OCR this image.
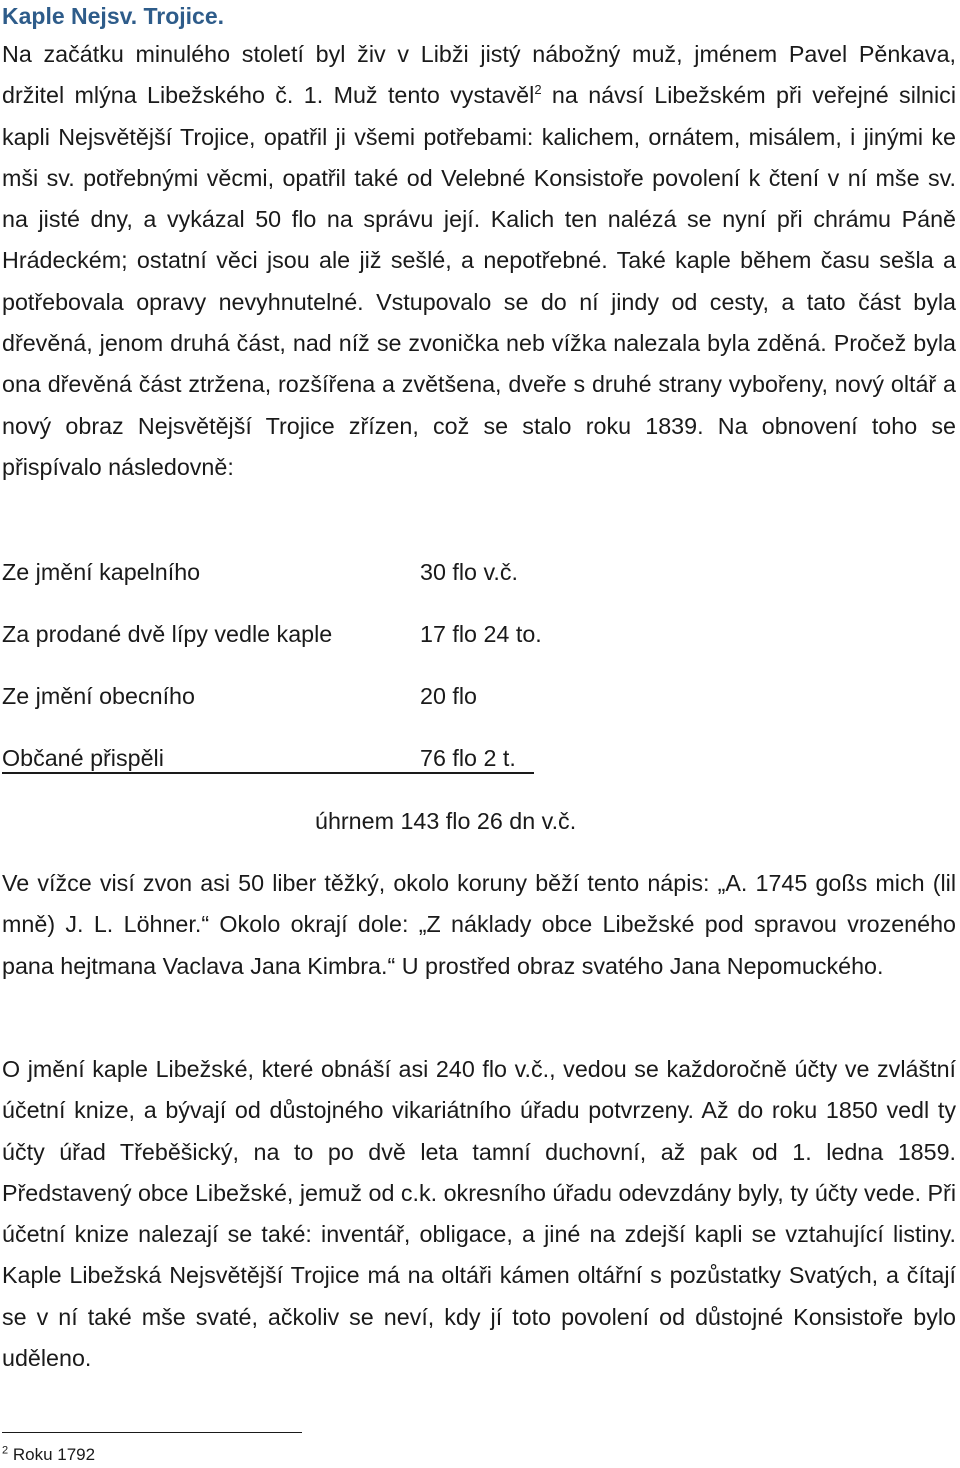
Kaple Nejsv. Trojice.

Na začátku minulého století byl živ v Libži jistý nábožný muž, jménem Pavel Pěnkava, držitel mlýna Libežského č. 1. Muž tento vystavěl$^2$ na návsí Libežském při veřejné silnici kapli Nejsvětější Trojice, opatřil ji všemi potřebami: kalichem, ornátem, misálem, i jinými ke mši sv. potřebnými věcmi, opatřil také od Velebné Konsistoře povolení k čtení v ní mše sv. na jisté dny, a vykázal 50 flo na správu její. Kalich ten nalézá se nyní při chrámu Páně Hrádeckém; ostatní věci jsou ale již sešlé, a nepotřebné. Také kaple během času sešla a potřebovala opravy nevyhnutelné. Vstupovalo se do ní jindy od cesty, a tato část byla dřevěná, jenom druhá část, nad níž se zvonička neb vížka nalezala byla zděná. Pročež byla ona dřevěná část ztržena, rozšířena a zvětšena, dveře s druhé strany vybořeny, nový oltář a nový obraz Nejsvětější Trojice zřízen, což se stalo roku 1839. Na obnovení toho se přispívalo následovně:

Ze jmění kapelního	30 flo v.č.
Za prodané dvě lípy vedle kaple	17 flo 24 to.
Ze jmění obecního	20 flo
Občané přispěli	76 flo 2 t.
úhrnem 143 flo 26 dn v.č.

Ve vížce visí zvon asi 50 liber těžký, okolo koruny běží tento nápis: „A. 1745 goßs mich (lil mně) J. L. Löhner.“ Okolo okrají dole: „Z náklady obce Libežské pod spravou vrozeného pana hejtmana Vaclava Jana Kimbra.“ U prostřed obraz svatého Jana Nepomuckého.

O jmění kaple Libežské, které obnáší asi 240 flo v.č., vedou se každoročně účty ve zvláštní účetní knize, a bývají od důstojného vikariátního úřadu potvrzeny. Až do roku 1850 vedl ty účty úřad Třeběšický, na to po dvě leta tamní duchovní, až pak od 1. ledna 1859. Představený obce Libežské, jemuž od c.k. okresního úřadu odevzdány byly, ty účty vede. Při účetní knize nalezají se také: inventář, obligace, a jiné na zdejší kapli se vztahující listiny. Kaple Libežská Nejsvětější Trojice má na oltáři kámen oltářní s pozůstatky Svatých, a čítají se v ní také mše svaté, ačkoliv se neví, kdy jí toto povolení od důstojné Konsistoře bylo uděleno.

$^2$ Roku 1792
